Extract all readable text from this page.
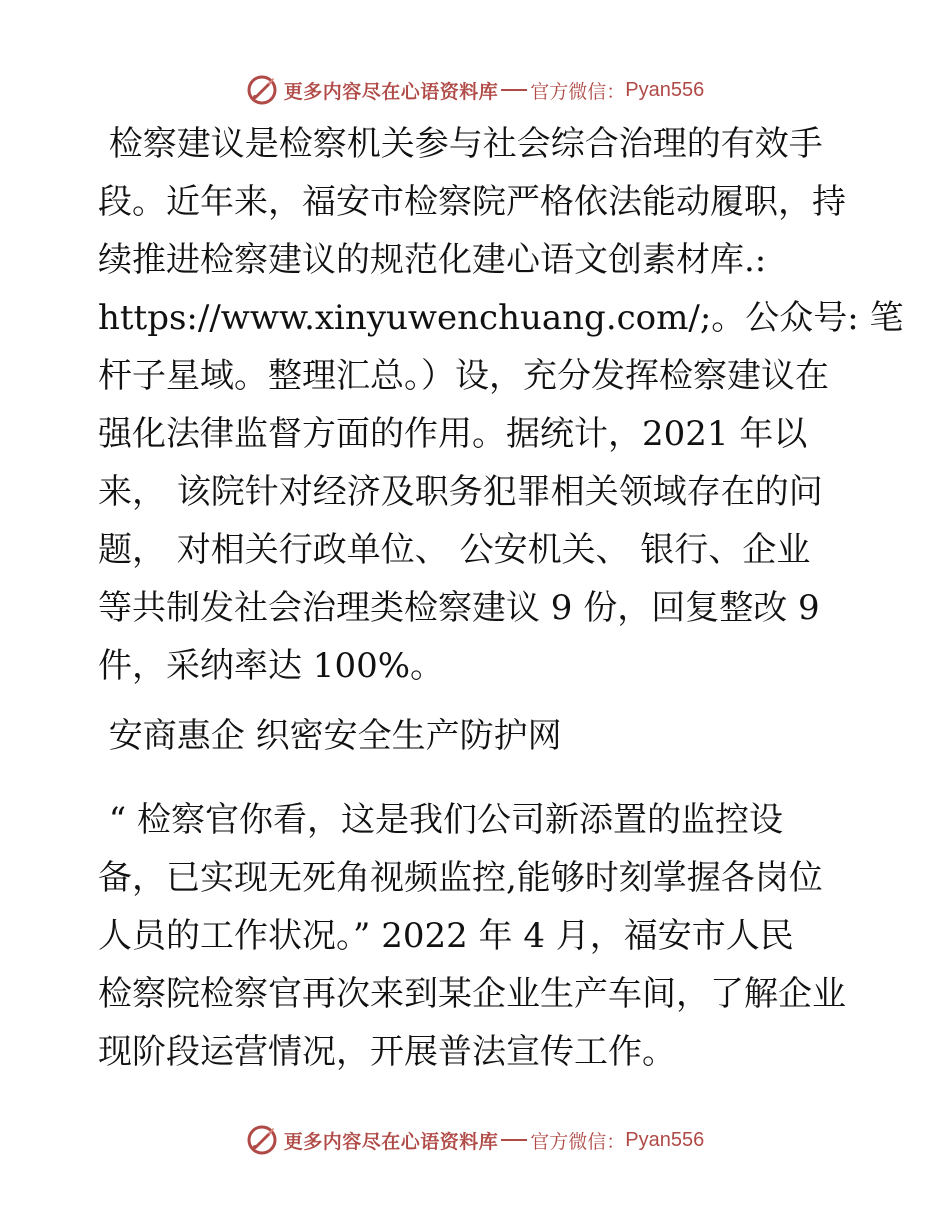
更多内容尽在心语资料库 官方微信： Pyan556
检察建议是检察机关参与社会综合治理的有效手
段。近年来，福安市检察院严格依法能动履职，持
续推进检察建议的规范化建心语文创素材库.:
https://www.xinyuwenchuang.com/;。公众号: 笔
杆子星域。整理汇总。）设，充分发挥检察建议在
强化法律监督方面的作用。据统计，2021 年以
来， 该院针对经济及职务犯罪相关领域存在的问
题， 对相关行政单位、 公安机关、 银行、企业
等共制发社会治理类检察建议 9 份，回复整改 9
件，采纳率达 100%。
安商惠企 织密安全生产防护网
“ 检察官你看，这是我们公司新添置的监控设
备，已实现无死角视频监控,能够时刻掌握各岗位
人员的工作状况。” 2022 年 4 月，福安市人民
检察院检察官再次来到某企业生产车间，了解企业
现阶段运营情况，开展普法宣传工作。
更多内容尽在心语资料库 官方微信： Pyan556
